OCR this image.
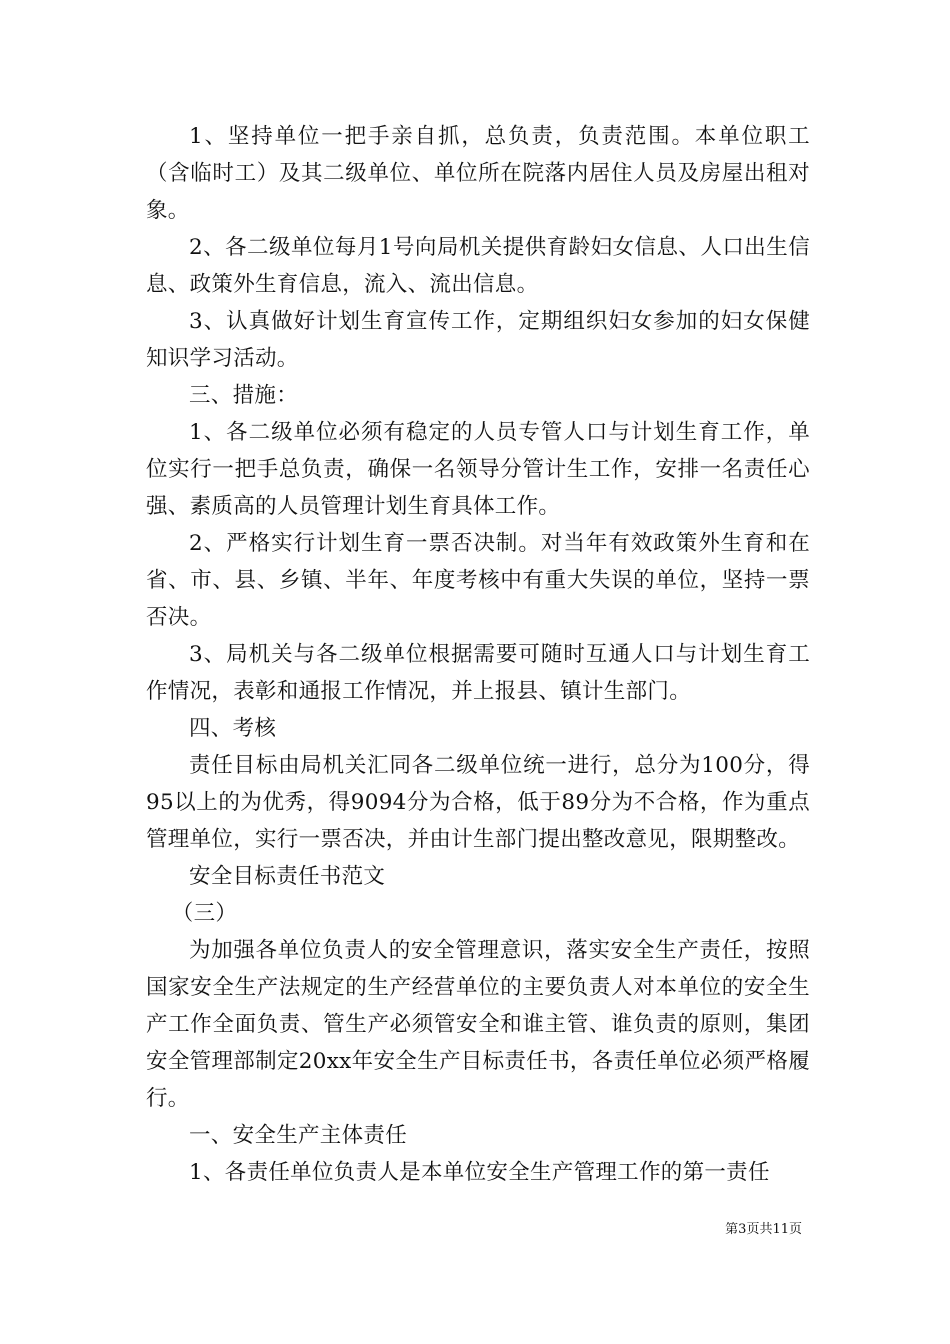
1、坚持单位一把手亲自抓，总负责，负责范围。本单位职工（含临时工）及其二级单位、单位所在院落内居住人员及房屋出租对象。

2、各二级单位每月1号向局机关提供育龄妇女信息、人口出生信息、政策外生育信息，流入、流出信息。

3、认真做好计划生育宣传工作，定期组织妇女参加的妇女保健知识学习活动。

三、措施：

1、各二级单位必须有稳定的人员专管人口与计划生育工作，单位实行一把手总负责，确保一名领导分管计生工作，安排一名责任心强、素质高的人员管理计划生育具体工作。

2、严格实行计划生育一票否决制。对当年有效政策外生育和在省、市、县、乡镇、半年、年度考核中有重大失误的单位，坚持一票否决。

3、局机关与各二级单位根据需要可随时互通人口与计划生育工作情况，表彰和通报工作情况，并上报县、镇计生部门。

四、考核

责任目标由局机关汇同各二级单位统一进行，总分为100分，得95以上的为优秀，得9094分为合格，低于89分为不合格，作为重点管理单位，实行一票否决，并由计生部门提出整改意见，限期整改。

安全目标责任书范文

（三）

为加强各单位负责人的安全管理意识，落实安全生产责任，按照国家安全生产法规定的生产经营单位的主要负责人对本单位的安全生产工作全面负责、管生产必须管安全和谁主管、谁负责的原则，集团安全管理部制定20xx年安全生产目标责任书，各责任单位必须严格履行。

一、安全生产主体责任

1、各责任单位负责人是本单位安全生产管理工作的第一责任

第3页共11页
